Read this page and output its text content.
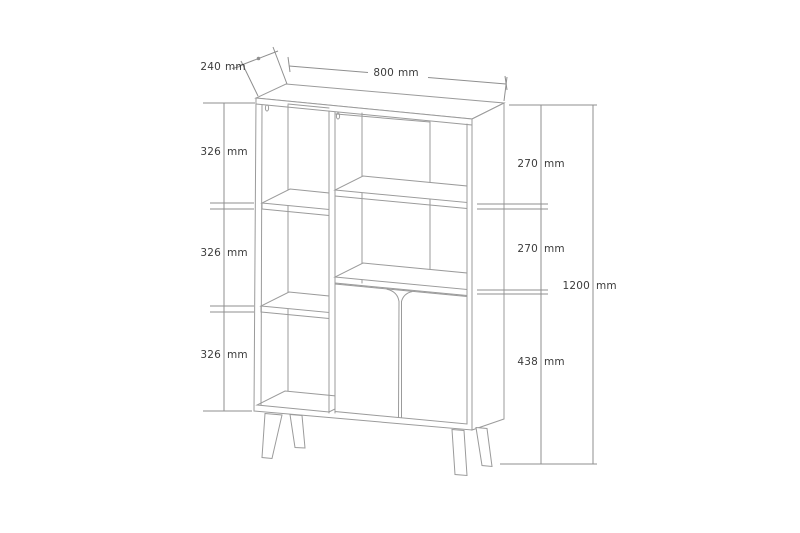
240 mm	800 mm
326 mm
326 mm
326 mm
270 mm
270 mm
438 mm
1200 mm
